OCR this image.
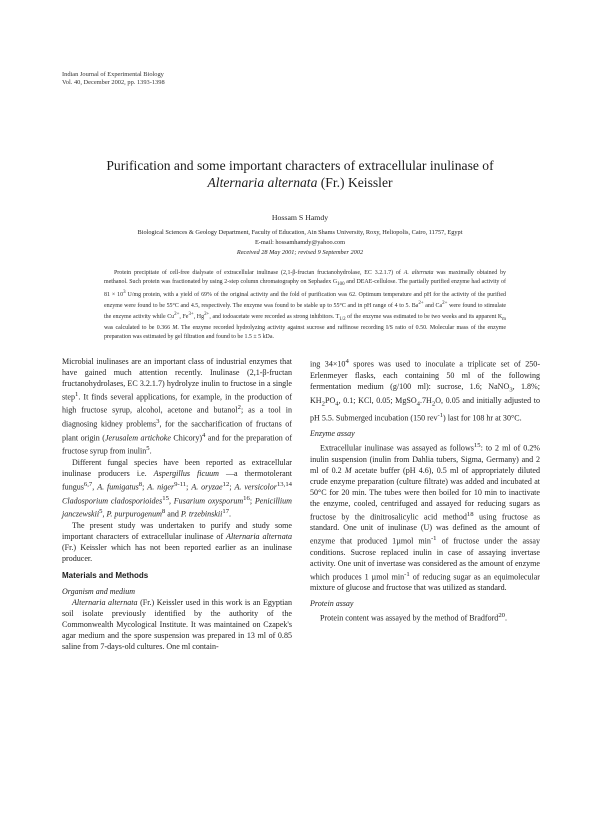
Indian Journal of Experimental Biology
Vol. 40, December 2002, pp. 1393-1398
Purification and some important characters of extracellular inulinase of
Alternaria alternata (Fr.) Keissler
Hossam S Hamdy
Biological Sciences & Geology Department, Faculty of Education, Ain Shams University, Roxy, Heliopolis, Cairo, 11757, Egypt
E-mail: hossamhamdy@yahoo.com
Received 28 May 2001; revised 9 September 2002
Protein precipitate of cell-free dialysate of extracellular inulinase (2,1-β-fructan fructanohydrolase, EC 3.2.1.7) of A. alternata was maximally obtained by methanol. Such protein was fractionated by using 2-step column chromatography on Sephadex $G_{100}$ and DEAE-cellulose. The partially purified enzyme had activity of $81 \times 10^3$ U/mg protein, with a yield of 69% of the original activity and the fold of purification was 62. Optimum temperature and pH for the activity of the purified enzyme were found to be 55°C and 4.5, respectively. The enzyme was found to be stable up to 55°C and in pH range of 4 to 5. $Ba^{2+}$ and $Ca^{2+}$ were found to stimulate the enzyme activity while $Cu^{2+}$, $Fe^{3+}$, $Hg^{2+}$, and iodoacetate were recorded as strong inhibitors. $T_{1/2}$ of the enzyme was estimated to be two weeks and its apparent $K_m$ was calculated to be 0.366 M. The enzyme recorded hydrolyzing activity against sucrose and raffinose recording I/S ratio of 0.50. Molecular mass of the enzyme preparation was estimated by gel filtration and found to be 1.5 ± 5 kDa.

Microbial inulinases are an important class of industrial enzymes that have gained much attention recently. Inulinase (2,1-β-fructan fructanohydrolases, EC 3.2.1.7) hydrolyze inulin to fructose in a single step$^1$. It finds several applications, for example, in the production of high fructose syrup, alcohol, acetone and butanol$^2$; as a tool in diagnosing kidney problems$^3$, for the saccharification of fructans of plant origin (Jerusalem artichoke Chicory)$^4$ and for the preparation of fructose syrup from inulin$^5$.

Different fungal species have been reported as extracellular inulinase producers i.e. Aspergillus ficuum —a thermotolerant fungus$^{6,7}$, A. fumigatus$^8$; A. niger$^{9-11}$; A. oryzae$^{12}$; A. versicolor$^{13,14}$ Cladosporium cladosporioides$^{15}$, Fusarium oxysporum$^{16}$; Penicillium janczewskii$^5$, P. purpurogenum$^8$ and P. trzebinskii$^{17}$.

The present study was undertaken to purify and study some important characters of extracellular inulinase of Alternaria alternata (Fr.) Keissler which has not been reported earlier as an inulinase producer.

Materials and Methods
Organism and medium

Alternaria alternata (Fr.) Keissler used in this work is an Egyptian soil isolate previously identified by the authority of the Commonwealth Mycological Institute. It was maintained on Czapek's agar medium and the spore suspension was prepared in 13 ml of 0.85 saline from 7-days-old cultures. One ml contain-

ing $34\times 10^4$ spores was used to inoculate a triplicate set of 250-Erlenmeyer flasks, each containing 50 ml of the following fermentation medium (g/100 ml): sucrose, 1.6; NaNO$_3$, 1.8%; $KH_2PO_4$, 0.1; KCl, 0.05; $MgSO_4.7H_2O$, 0.05 and initially adjusted to pH 5.5. Submerged incubation (150 rev$^{-1}$) last for 108 hr at 30°C.

Enzyme assay

Extracellular inulinase was assayed as follows$^{15}$: to 2 ml of 0.2% inulin suspension (inulin from Dahlia tubers, Sigma, Germany) and 2 ml of 0.2 M acetate buffer (pH 4.6), 0.5 ml of appropriately diluted crude enzyme preparation (culture filtrate) was added and incubated at 50°C for 20 min. The tubes were then boiled for 10 min to inactivate the enzyme, cooled, centrifuged and assayed for reducing sugars as fructose by the dinitrosalicylic acid method$^{18}$ using fructose as standard. One unit of inulinase (U) was defined as the amount of enzyme that produced 1µmol $\min^{-1}$ of fructose under the assay conditions. Sucrose replaced inulin in case of assaying invertase activity. One unit of invertase was considered as the amount of enzyme which produces 1 µmol $\min^{-1}$ of reducing sugar as an equimolecular mixture of glucose and fructose that was utilized as standard.

Protein assay

Protein content was assayed by the method of Bradford$^{20}$.
